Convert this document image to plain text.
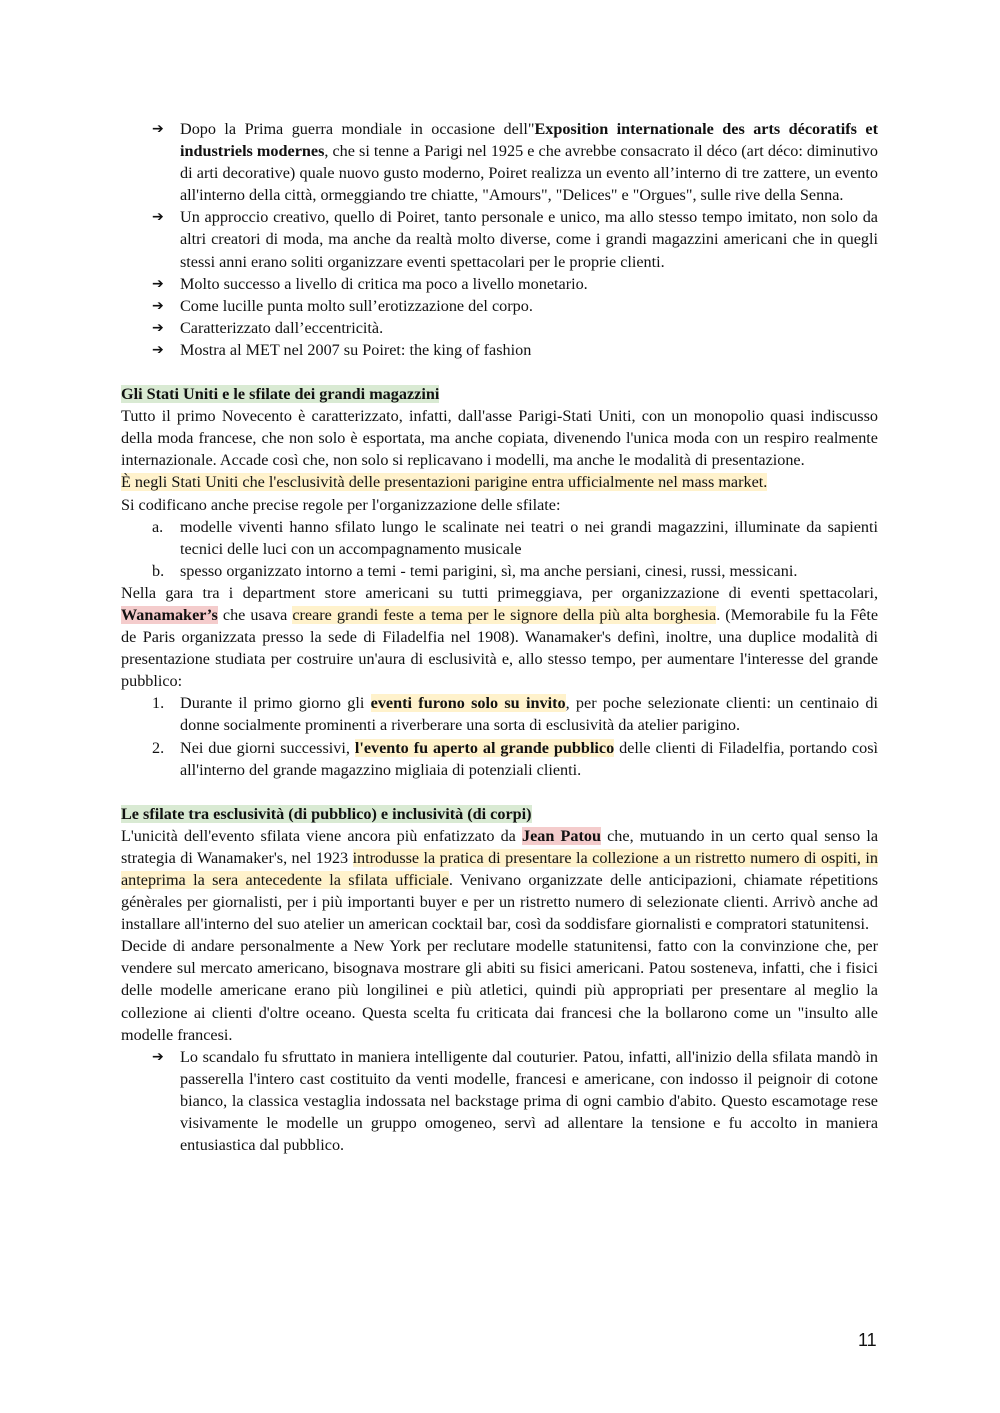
➔ Dopo la Prima guerra mondiale in occasione dell"Exposition internationale des arts décoratifs et industriels modernes, che si tenne a Parigi nel 1925 e che avrebbe consacrato il déco (art déco: diminutivo di arti decorative) quale nuovo gusto moderno, Poiret realizza un evento all’interno di tre zattere, un evento all'interno della città, ormeggiando tre chiatte, "Amours", "Delices" e "Orgues", sulle rive della Senna.
➔ Un approccio creativo, quello di Poiret, tanto personale e unico, ma allo stesso tempo imitato, non solo da altri creatori di moda, ma anche da realtà molto diverse, come i grandi magazzini americani che in quegli stessi anni erano soliti organizzare eventi spettacolari per le proprie clienti.
➔ Molto successo a livello di critica ma poco a livello monetario.
➔ Come lucille punta molto sull’erotizzazione del corpo.
➔ Caratterizzato dall’eccentricità.
➔ Mostra al MET nel 2007 su Poiret: the king of fashion

Gli Stati Uniti e le sfilate dei grandi magazzini

Tutto il primo Novecento è caratterizzato, infatti, dall'asse Parigi-Stati Uniti, con un monopolio quasi indiscusso della moda francese, che non solo è esportata, ma anche copiata, divenendo l'unica moda con un respiro realmente internazionale. Accade così che, non solo si replicavano i modelli, ma anche le modalità di presentazione.

È negli Stati Uniti che l'esclusività delle presentazioni parigine entra ufficialmente nel mass market.

Si codificano anche precise regole per l'organizzazione delle sfilate:

a. modelle viventi hanno sfilato lungo le scalinate nei teatri o nei grandi magazzini, illuminate da sapienti tecnici delle luci con un accompagnamento musicale
b. spesso organizzato intorno a temi - temi parigini, sì, ma anche persiani, cinesi, russi, messicani.

Nella gara tra i department store americani su tutti primeggiava, per organizzazione di eventi spettacolari, Wanamaker’s che usava creare grandi feste a tema per le signore della più alta borghesia. (Memorabile fu la Fête de Paris organizzata presso la sede di Filadelfia nel 1908). Wanamaker's definì, inoltre, una duplice modalità di presentazione studiata per costruire un'aura di esclusività e, allo stesso tempo, per aumentare l'interesse del grande pubblico:

1. Durante il primo giorno gli eventi furono solo su invito, per poche selezionate clienti: un centinaio di donne socialmente prominenti a riverberare una sorta di esclusività da atelier parigino.
2. Nei due giorni successivi, l'evento fu aperto al grande pubblico delle clienti di Filadelfia, portando così all'interno del grande magazzino migliaia di potenziali clienti.

Le sfilate tra esclusività (di pubblico) e inclusività (di corpi)

L'unicità dell'evento sfilata viene ancora più enfatizzato da Jean Patou che, mutuando in un certo qual senso la strategia di Wanamaker's, nel 1923 introdusse la pratica di presentare la collezione a un ristretto numero di ospiti, in anteprima la sera antecedente la sfilata ufficiale. Venivano organizzate delle anticipazioni, chiamate répetitions génèrales per giornalisti, per i più importanti buyer e per un ristretto numero di selezionate clienti. Arrivò anche ad installare all'interno del suo atelier un american cocktail bar, così da soddisfare giornalisti e compratori statunitensi.

Decide di andare personalmente a New York per reclutare modelle statunitensi, fatto con la convinzione che, per vendere sul mercato americano, bisognava mostrare gli abiti su fisici americani. Patou sosteneva, infatti, che i fisici delle modelle americane erano più longilinei e più atletici, quindi più appropriati per presentare al meglio la collezione ai clienti d'oltre oceano. Questa scelta fu criticata dai francesi che la bollarono come un "insulto alle modelle francesi.

➔ Lo scandalo fu sfruttato in maniera intelligente dal couturier. Patou, infatti, all'inizio della sfilata mandò in passerella l'intero cast costituito da venti modelle, francesi e americane, con indosso il peignoir di cotone bianco, la classica vestaglia indossata nel backstage prima di ogni cambio d'abito. Questo escamotage rese visivamente le modelle un gruppo omogeneo, servì ad allentare la tensione e fu accolto in maniera entusiastica dal pubblico.
11
